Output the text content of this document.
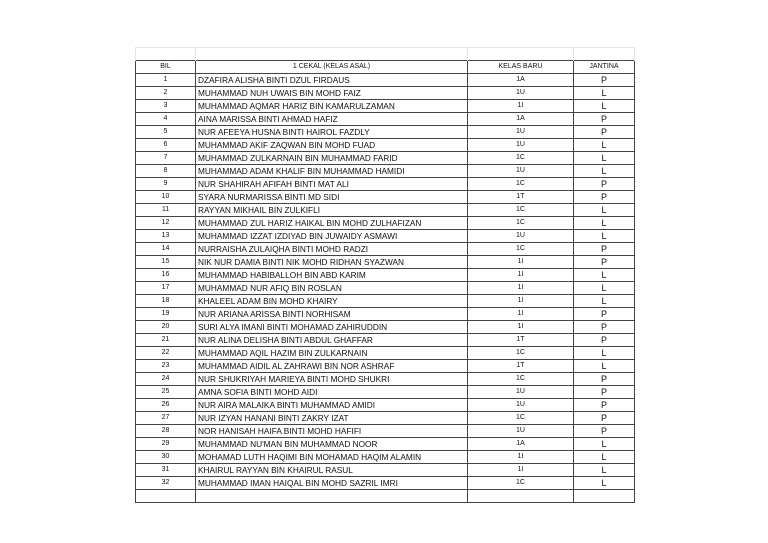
BIL	1 CEKAL (KELAS ASAL)	KELAS BARU	JANTINA
1	DZAFIRA ALISHA BINTI DZUL FIRDAUS	1A	P
2	MUHAMMAD NUH UWAIS BIN MOHD FAIZ	1U	L
3	MUHAMMAD AQMAR HARIZ BIN KAMARULZAMAN	1I	L
4	AINA MARISSA BINTI AHMAD HAFIZ	1A	P
5	NUR AFEEYA HUSNA BINTI HAIROL FAZDLY	1U	P
6	MUHAMMAD AKIF ZAQWAN BIN MOHD FUAD	1U	L
7	MUHAMMAD ZULKARNAIN BIN MUHAMMAD FARID	1C	L
8	MUHAMMAD ADAM KHALIF BIN MUHAMMAD HAMIDI	1U	L
9	NUR SHAHIRAH AFIFAH BINTI MAT ALI	1C	P
10	SYARA NURMARISSA BINTI MD SIDI	1T	P
11	RAYYAN MIKHAIL BIN ZULKIFLI	1C	L
12	MUHAMMAD ZUL HARIZ HAIKAL BIN MOHD ZULHAFIZAN	1C	L
13	MUHAMMAD IZZAT IZDIYAD BIN JUWAIDY ASMAWI	1U	L
14	NURRAISHA ZULAIQHA BINTI MOHD RADZI	1C	P
15	NIK NUR DAMIA BINTI NIK MOHD RIDHAN SYAZWAN	1I	P
16	MUHAMMAD HABIBALLOH BIN ABD KARIM	1I	L
17	MUHAMMAD NUR AFIQ BIN ROSLAN	1I	L
18	KHALEEL ADAM BIN MOHD KHAIRY	1I	L
19	NUR ARIANA ARISSA BINTI NORHISAM	1I	P
20	SURI ALYA IMANI BINTI MOHAMAD ZAHIRUDDIN	1I	P
21	NUR ALINA DELISHA BINTI ABDUL GHAFFAR	1T	P
22	MUHAMMAD AQIL HAZIM BIN ZULKARNAIN	1C	L
23	MUHAMMAD AIDIL AL ZAHRAWI BIN NOR ASHRAF	1T	L
24	NUR SHUKRIYAH MARIEYA BINTI MOHD SHUKRI	1C	P
25	AMNA SOFIA BINTI MOHD AIDI	1U	P
26	NUR AIRA MALAIKA BINTI MUHAMMAD AMIDI	1U	P
27	NUR IZYAN HANANI BINTI ZAKRY IZAT	1C	P
28	NOR HANISAH HAIFA BINTI MOHD HAFIFI	1U	P
29	MUHAMMAD NU'MAN BIN MUHAMMAD NOOR	1A	L
30	MOHAMAD LUTH HAQIMI BIN MOHAMAD HAQIM ALAMIN	1I	L
31	KHAIRUL RAYYAN BIN KHAIRUL RASUL	1I	L
32	MUHAMMAD IMAN HAIQAL BIN MOHD SAZRIL IMRI	1C	L
